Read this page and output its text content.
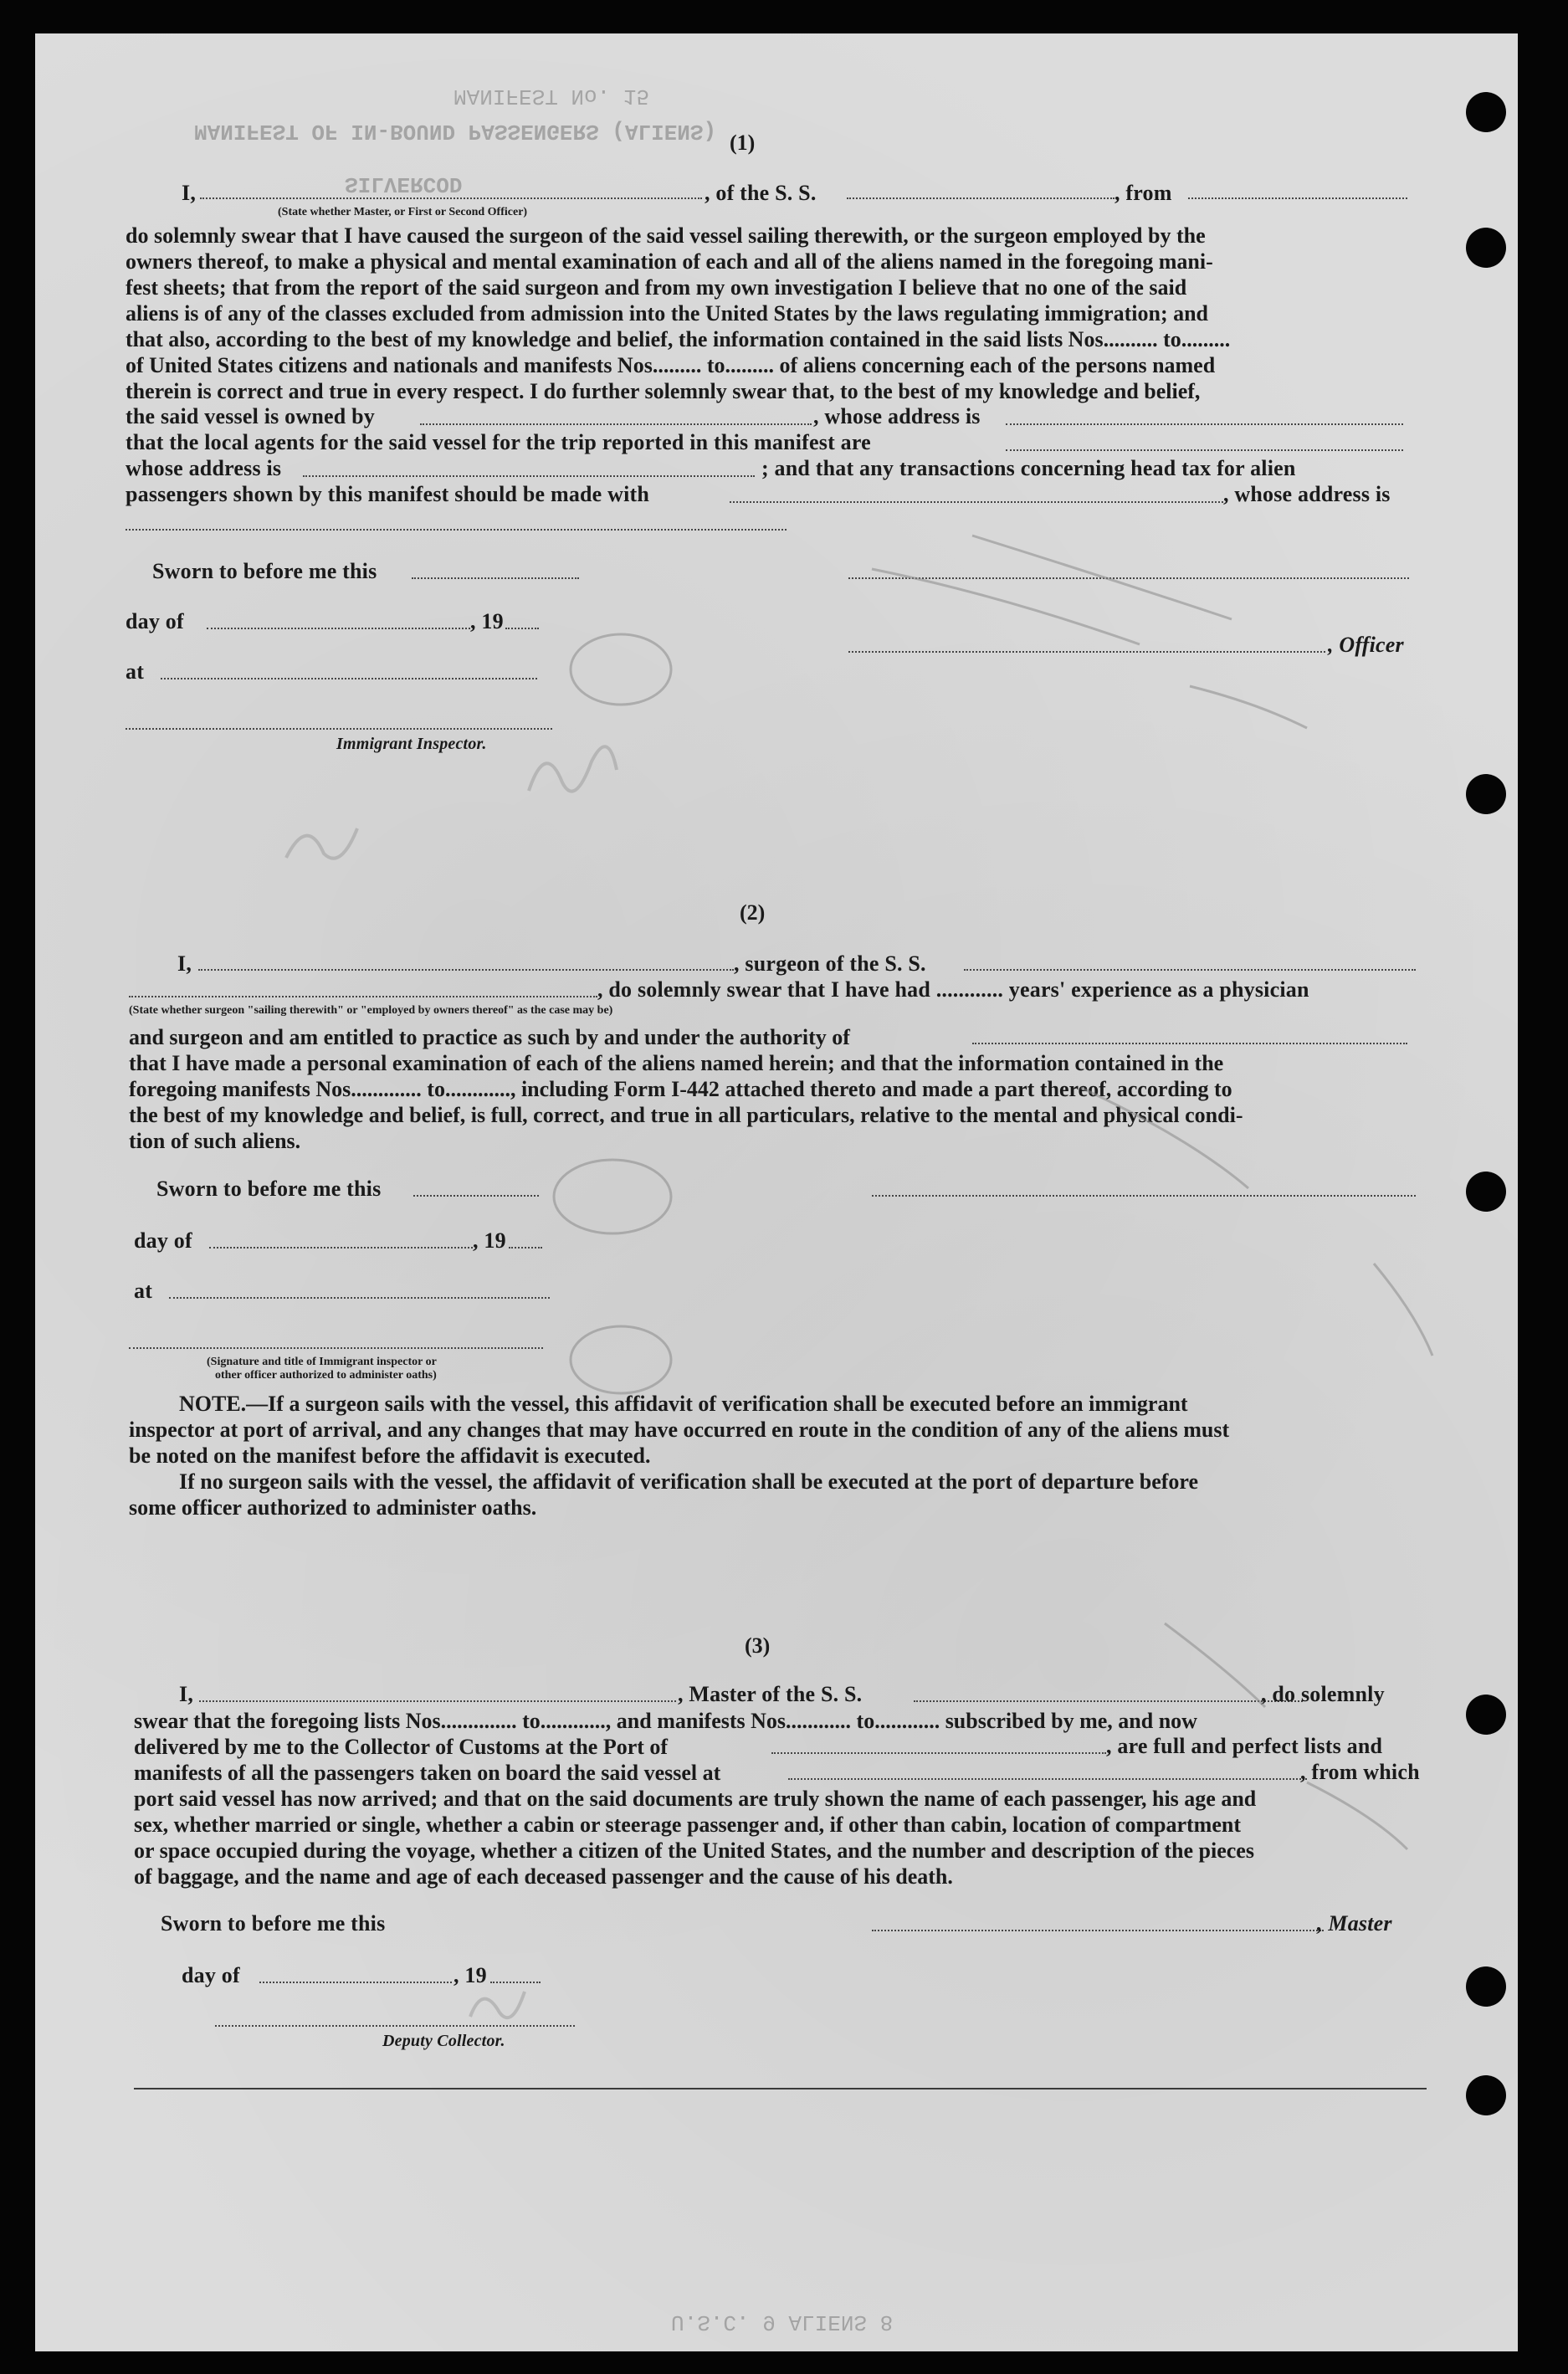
MANIFEST No. 15
MANIFEST OF IN-BOUND PASSENGERS (ALIENS)
SILVERCOD
U.S.C. 9 ALIENS 8
(1)
I,	, of the S. S.	, from
(State whether Master, or First or Second Officer)
do solemnly swear that I have caused the surgeon of the said vessel sailing therewith, or the surgeon employed by the
owners thereof, to make a physical and mental examination of each and all of the aliens named in the foregoing mani-
fest sheets; that from the report of the said surgeon and from my own investigation I believe that no one of the said
aliens is of any of the classes excluded from admission into the United States by the laws regulating immigration; and
that also, according to the best of my knowledge and belief, the information contained in the said lists Nos.......... to.........
of United States citizens and nationals and manifests Nos......... to......... of aliens concerning each of the persons named
therein is correct and true in every respect. I do further solemnly swear that, to the best of my knowledge and belief,
the said vessel is owned by	, whose address is
that the local agents for the said vessel for the trip reported in this manifest are
whose address is	; and that any transactions concerning head tax for alien
passengers shown by this manifest should be made with	, whose address is
Sworn to before me this
day of	, 19
, Officer
at
Immigrant Inspector.
(2)
I,	, surgeon of the S. S.
, do solemnly swear that I have had ............ years' experience as a physician
(State whether surgeon "sailing therewith" or "employed by owners thereof" as the case may be)
and surgeon and am entitled to practice as such by and under the authority of
that I have made a personal examination of each of the aliens named herein; and that the information contained in the
foregoing manifests Nos............. to............, including Form I-442 attached thereto and made a part thereof, according to
the best of my knowledge and belief, is full, correct, and true in all particulars, relative to the mental and physical condi-
tion of such aliens.
Sworn to before me this
day of	, 19
at
(Signature and title of Immigrant inspector or
other officer authorized to administer oaths)
NOTE.—If a surgeon sails with the vessel, this affidavit of verification shall be executed before an immigrant
inspector at port of arrival, and any changes that may have occurred en route in the condition of any of the aliens must
be noted on the manifest before the affidavit is executed.
If no surgeon sails with the vessel, the affidavit of verification shall be executed at the port of departure before
some officer authorized to administer oaths.
(3)
I,	, Master of the S. S.	, do solemnly
swear that the foregoing lists Nos.............. to............, and manifests Nos............ to............ subscribed by me, and now
delivered by me to the Collector of Customs at the Port of
manifests of all the passengers taken on board the said vessel at
port said vessel has now arrived; and that on the said documents are truly shown the name of each passenger, his age and
sex, whether married or single, whether a cabin or steerage passenger and, if other than cabin, location of compartment
or space occupied during the voyage, whether a citizen of the United States, and the number and description of the pieces
of baggage, and the name and age of each deceased passenger and the cause of his death.
, are full and perfect lists and
, from which
Sworn to before me this	, Master
day of	, 19
Deputy Collector.
